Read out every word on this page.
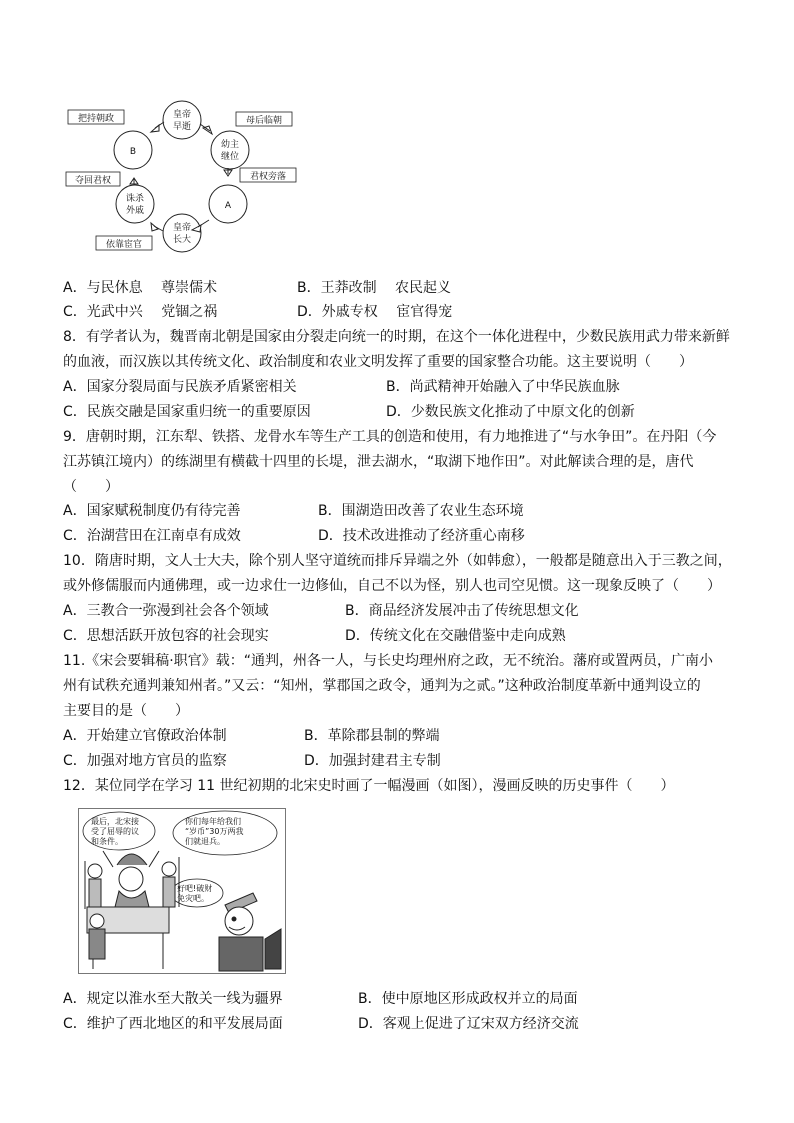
皇帝
早逝
幼主
继位
A
皇帝
长大
诛杀
外戚
B
把持朝政	母后临朝
君权旁落
依靠宦官
夺回君权
A．与民休息　 尊崇儒术	B．王莽改制　 农民起义
C．光武中兴　 党锢之祸	D．外戚专权　 宦官得宠
8．有学者认为，魏晋南北朝是国家由分裂走向统一的时期，在这个一体化进程中，少数民族用武力带来新鲜
的血液，而汉族以其传统文化、政治制度和农业文明发挥了重要的国家整合功能。这主要说明（　　）
A．国家分裂局面与民族矛盾紧密相关	B．尚武精神开始融入了中华民族血脉
C．民族交融是国家重归统一的重要原因	D．少数民族文化推动了中原文化的创新
9．唐朝时期，江东犁、铁搭、龙骨水车等生产工具的创造和使用，有力地推进了“与水争田”。在丹阳（今
江苏镇江境内）的练湖里有横截十四里的长堤，泄去湖水，“取湖下地作田”。对此解读合理的是，唐代
（　　）
A．国家赋税制度仍有待完善	B．围湖造田改善了农业生态环境
C．治湖营田在江南卓有成效	D．技术改进推动了经济重心南移
10．隋唐时期，文人士大夫，除个别人坚守道统而排斥异端之外（如韩愈），一般都是随意出入于三教之间，
或外修儒服而内通佛理，或一边求仕一边修仙，自己不以为怪，别人也司空见惯。这一现象反映了（　　）
A．三教合一弥漫到社会各个领域	B．商品经济发展冲击了传统思想文化
C．思想活跃开放包容的社会现实	D．传统文化在交融借鉴中走向成熟
11.《宋会要辑稿·职官》载：“通判，州各一人，与长史均理州府之政，无不统治。藩府或置两员，广南小
州有试秩充通判兼知州者。”又云：“知州，掌郡国之政令，通判为之贰。”这种政治制度革新中通判设立的
主要目的是（　　）
A．开始建立官僚政治体制	B．革除郡县制的弊端
C．加强对地方官员的监察	D．加强封建君主专制
12．某位同学在学习 11 世纪初期的北宋史时画了一幅漫画（如图），漫画反映的历史事件（　　）
最后，北宋接
受了屈辱的议
和条件。
你们每年给我们
“岁币”30万两我
们就退兵。
好吧!破财
免灾吧。
A．规定以淮水至大散关一线为疆界	B．使中原地区形成政权并立的局面
C．维护了西北地区的和平发展局面	D．客观上促进了辽宋双方经济交流
